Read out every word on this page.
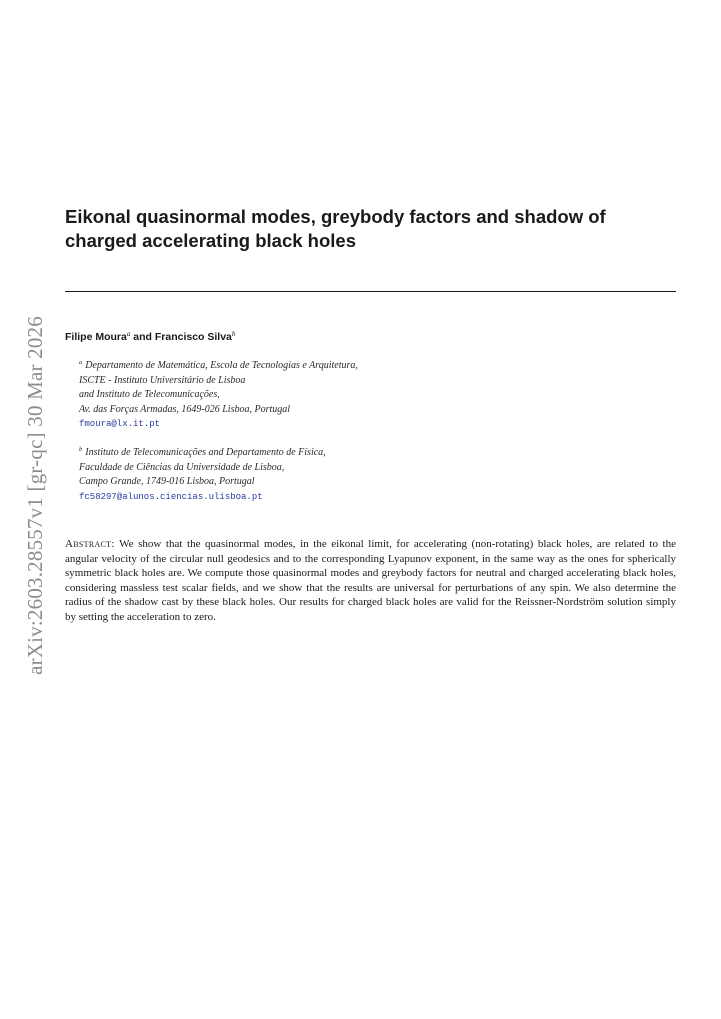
arXiv:2603.28557v1 [gr-qc] 30 Mar 2026
Eikonal quasinormal modes, greybody factors and shadow of charged accelerating black holes
Filipe Moura$^a$ and Francisco Silva$^b$
$^a$ Departamento de Matemática, Escola de Tecnologias e Arquitetura,
ISCTE - Instituto Universitário de Lisboa
and Instituto de Telecomunicações,
Av. das Forças Armadas, 1649-026 Lisboa, Portugal
fmoura@lx.it.pt
$^b$ Instituto de Telecomunicações and Departamento de Física,
Faculdade de Ciências da Universidade de Lisboa,
Campo Grande, 1749-016 Lisboa, Portugal
fc58297@alunos.ciencias.ulisboa.pt

Abstract: We show that the quasinormal modes, in the eikonal limit, for accelerating (non-rotating) black holes, are related to the angular velocity of the circular null geodesics and to the corresponding Lyapunov exponent, in the same way as the ones for spherically symmetric black holes are. We compute those quasinormal modes and greybody factors for neutral and charged accelerating black holes, considering massless test scalar fields, and we show that the results are universal for perturbations of any spin. We also determine the radius of the shadow cast by these black holes. Our results for charged black holes are valid for the Reissner-Nordström solution simply by setting the acceleration to zero.
